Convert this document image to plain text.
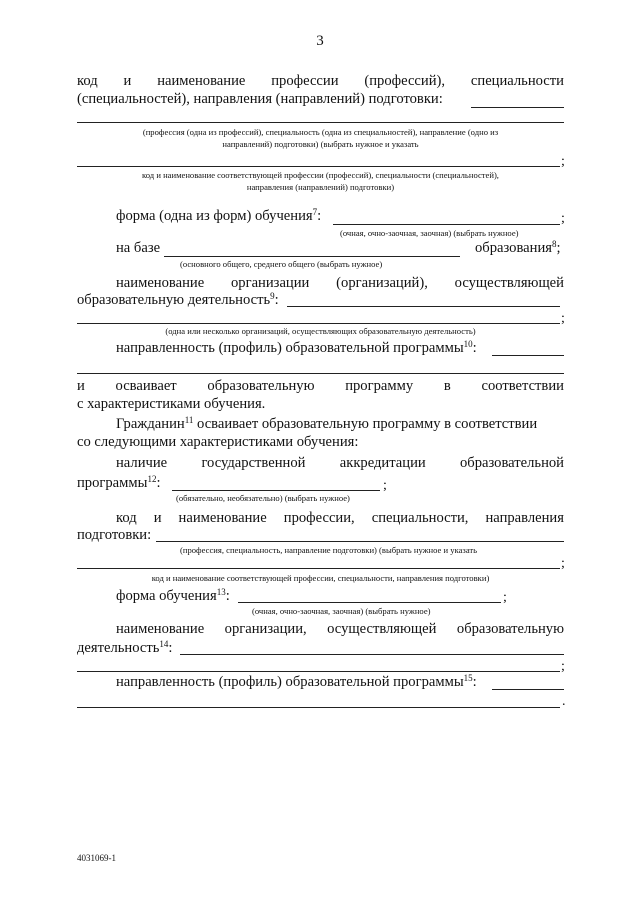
3
код и наименование профессии (профессий), специальности
(специальностей), направления (направлений) подготовки:
(профессия (одна из профессий), специальность (одна из специальностей), направление (одно из
направлений) подготовки) (выбрать нужное и указать
;
код и наименование соответствующей профессии (профессий), специальности (специальностей),
направления (направлений) подготовки)
форма (одна из форм) обучения$^7$:	;
(очная, очно-заочная, заочная) (выбрать нужное)
на базе	образования$^8$;
(основного общего, среднего общего (выбрать нужное)
наименование организации (организаций), осуществляющей
образовательную деятельность$^9$:
;
(одна или несколько организаций, осуществляющих образовательную деятельность)
направленность (профиль) образовательной программы$^{10}$:
и осваивает образовательную программу в соответствии
с характеристиками обучения.
Гражданин$^{11}$ осваивает образовательную программу в соответствии
со следующими характеристиками обучения:
наличие государственной аккредитации образовательной
программы$^{12}$:	;
(обязательно, необязательно) (выбрать нужное)
код и наименование профессии, специальности, направления
подготовки:
(профессия, специальность, направление подготовки) (выбрать нужное и указать
;
код и наименование соответствующей профессии, специальности, направления подготовки)
форма обучения$^{13}$:	;
(очная, очно-заочная, заочная) (выбрать нужное)
наименование организации, осуществляющей образовательную
деятельность$^{14}$:
;
направленность (профиль) образовательной программы$^{15}$:
.
4031069-1
